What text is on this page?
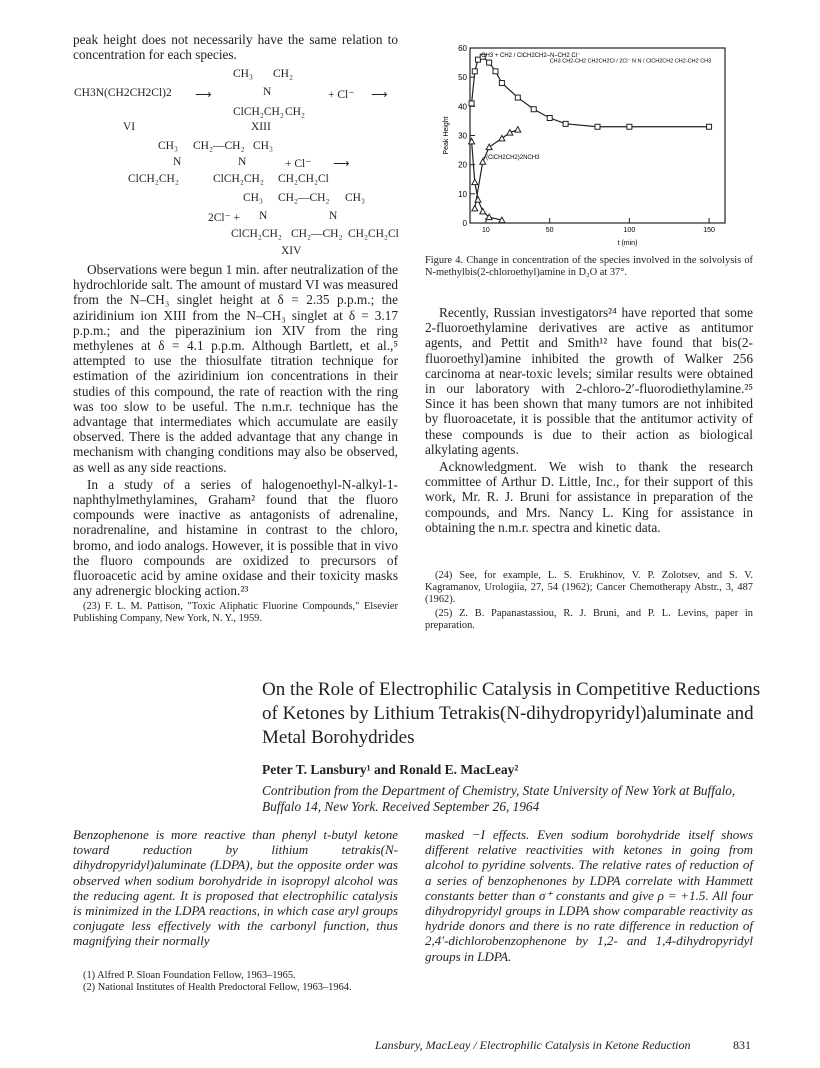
peak height does not necessarily have the same relation to concentration for each species.

CH3N(CH2CH2Cl)2 ⟶
CH₃ CH₂
N
ClCH₂CH₂ CH₂
+ Cl⁻ ⟶
VI	XIII
CH₃ CH₂—CH₂ CH₃
N	N	+ Cl⁻ ⟶
ClCH₂CH₂	ClCH₂CH₂ CH₂CH₂Cl
CH₃ CH₂—CH₂ CH₃
2Cl⁻ + N	N
ClCH₂CH₂ CH₂—CH₂ CH₂CH₂Cl
XIV

Observations were begun 1 min. after neutralization of the hydrochloride salt. The amount of mustard VI was measured from the N–CH₃ singlet height at δ = 2.35 p.p.m.; the aziridinium ion XIII from the N–CH₃ singlet at δ = 3.17 p.p.m.; and the piperazinium ion XIV from the ring methylenes at δ = 4.1 p.p.m. Although Bartlett, et al.,⁵ attempted to use the thiosulfate titration technique for estimation of the aziridinium ion concentrations in their studies of this compound, the rate of reaction with the ring was too slow to be useful. The n.m.r. technique has the advantage that intermediates which accumulate are easily observed. There is the added advantage that any change in mechanism with changing conditions may also be observed, as well as any side reactions.

In a study of a series of halogenoethyl-N-alkyl-1-naphthylmethylamines, Graham² found that the fluoro compounds were inactive as antagonists of adrenaline, noradrenaline, and histamine in contrast to the chloro, bromo, and iodo analogs. However, it is possible that in vivo the fluoro compounds are oxidized to precursors of fluoroacetic acid by amine oxidase and their toxicity masks any adrenergic blocking action.²³

(23) F. L. M. Pattison, "Toxic Aliphatic Fluorine Compounds," Elsevier Publishing Company, New York, N. Y., 1959.

0
10
20
30
40
50
60
10	50	100	150
t (min)
Peak Height
CH3 + CH2 / ClCH2CH2–N–CH2 Cl⁻
CH3 CH2-CH2 CH2CH2Cl / 2Cl⁻ N N / ClCH2CH2 CH2-CH2 CH3
–(ClCH2CH2)2NCH3

Figure 4. Change in concentration of the species involved in the solvolysis of N-methylbis(2-chloroethyl)amine in D₂O at 37°.

Recently, Russian investigators²⁴ have reported that some 2-fluoroethylamine derivatives are active as antitumor agents, and Pettit and Smith¹² have found that bis(2-fluoroethyl)amine inhibited the growth of Walker 256 carcinoma at near-toxic levels; similar results were obtained in our laboratory with 2-chloro-2′-fluorodiethylamine.²⁵ Since it has been shown that many tumors are not inhibited by fluoroacetate, it is possible that the antitumor activity of these compounds is due to their action as biological alkylating agents.

Acknowledgment. We wish to thank the research committee of Arthur D. Little, Inc., for their support of this work, Mr. R. J. Bruni for assistance in preparation of the compounds, and Mrs. Nancy L. King for assistance in obtaining the n.m.r. spectra and kinetic data.

(24) See, for example, L. S. Erukhinov, V. P. Zolotsev, and S. V. Kagramanov, Urologiia, 27, 54 (1962); Cancer Chemotherapy Abstr., 3, 487 (1962).

(25) Z. B. Papanastassiou, R. J. Bruni, and P. L. Levins, paper in preparation.

On the Role of Electrophilic Catalysis in Competitive Reductions of Ketones by Lithium Tetrakis(N-dihydropyridyl)aluminate and Metal Borohydrides
Peter T. Lansbury¹ and Ronald E. MacLeay²
Contribution from the Department of Chemistry, State University of New York at Buffalo, Buffalo 14, New York. Received September 26, 1964
Benzophenone is more reactive than phenyl t-butyl ketone toward reduction by lithium tetrakis(N-dihydropyridyl)aluminate (LDPA), but the opposite order was observed when sodium borohydride in isopropyl alcohol was the reducing agent. It is proposed that electrophilic catalysis is minimized in the LDPA reactions, in which case aryl groups conjugate less effectively with the carbonyl function, thus magnifying their normally
masked −I effects. Even sodium borohydride itself shows different relative reactivities with ketones in going from alcohol to pyridine solvents. The relative rates of reduction of a series of benzophenones by LDPA correlate with Hammett constants better than σ⁺ constants and give ρ = +1.5. All four dihydropyridyl groups in LDPA show comparable reactivity as hydride donors and there is no rate difference in reduction of 2,4′-dichlorobenzophenone by 1,2- and 1,4-dihydropyridyl groups in LDPA.

(1) Alfred P. Sloan Foundation Fellow, 1963–1965.

(2) National Institutes of Health Predoctoral Fellow, 1963–1964.

Lansbury, MacLeay / Electrophilic Catalysis in Ketone Reduction	831
